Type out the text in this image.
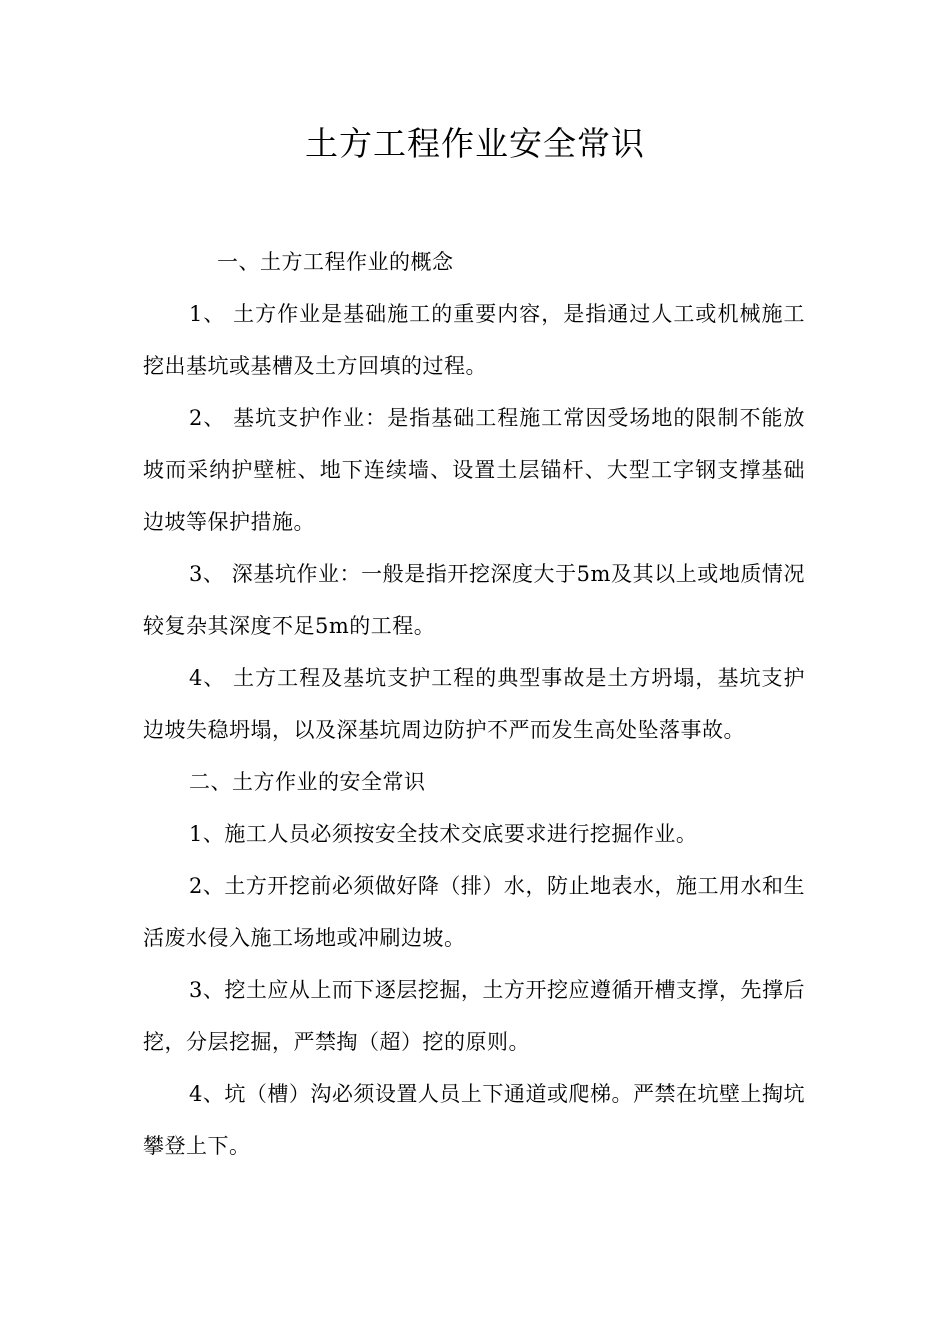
土方工程作业安全常识

一、土方工程作业的概念

1、 土方作业是基础施工的重要内容，是指通过人工或机械施工挖出基坑或基槽及土方回填的过程。

2、 基坑支护作业：是指基础工程施工常因受场地的限制不能放坡而采纳护壁桩、地下连续墙、设置土层锚杆、大型工字钢支撑基础边坡等保护措施。

3、 深基坑作业：一般是指开挖深度大于5m及其以上或地质情况较复杂其深度不足5m的工程。

4、 土方工程及基坑支护工程的典型事故是土方坍塌，基坑支护边坡失稳坍塌，以及深基坑周边防护不严而发生高处坠落事故。

二、土方作业的安全常识

1、施工人员必须按安全技术交底要求进行挖掘作业。

2、土方开挖前必须做好降（排）水，防止地表水，施工用水和生活废水侵入施工场地或冲刷边坡。

3、挖土应从上而下逐层挖掘，土方开挖应遵循开槽支撑，先撑后挖，分层挖掘，严禁掏（超）挖的原则。

4、坑（槽）沟必须设置人员上下通道或爬梯。严禁在坑壁上掏坑攀登上下。
